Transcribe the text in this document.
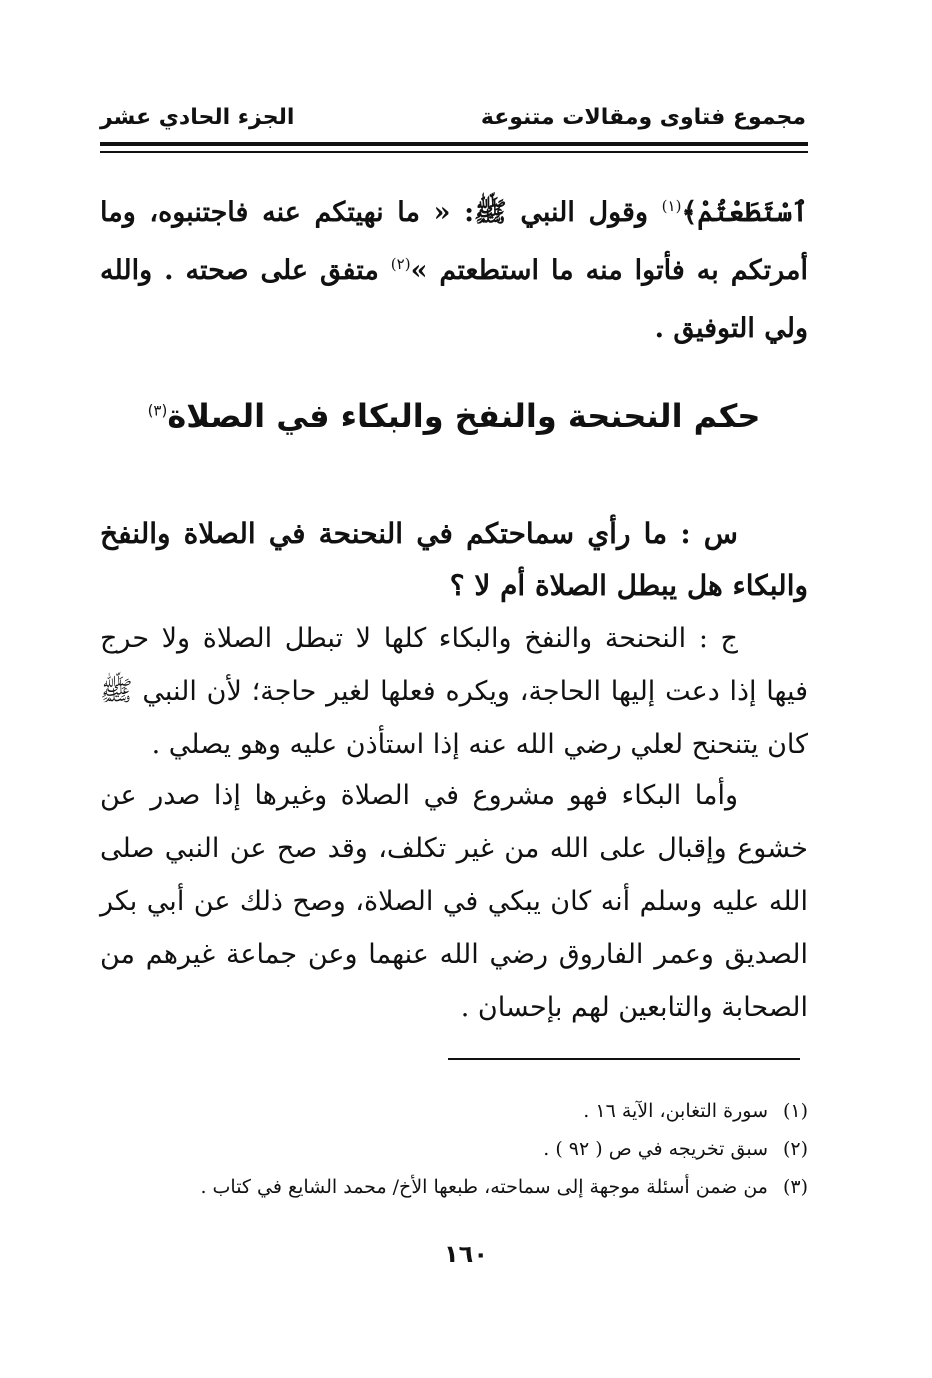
مجموع فتاوى ومقالات متنوعة
الجزء الحادي عشر
ٱسْتَطَعْتُمْ﴾$^{(١)}$ وقول النبي ﷺ: « ما نهيتكم عنه فاجتنبوه، وما أمرتكم به فأتوا منه ما استطعتم »$^{(٢)}$ متفق على صحته . والله ولي التوفيق .
حكم النحنحة والنفخ والبكاء في الصلاة$^{(٣)}$
س : ما رأي سماحتكم في النحنحة في الصلاة والنفخ والبكاء هل يبطل الصلاة أم لا ؟
ج : النحنحة والنفخ والبكاء كلها لا تبطل الصلاة ولا حرج فيها إذا دعت إليها الحاجة، ويكره فعلها لغير حاجة؛ لأن النبي ﷺ كان يتنحنح لعلي رضي الله عنه إذا استأذن عليه وهو يصلي .
وأما البكاء فهو مشروع في الصلاة وغيرها إذا صدر عن خشوع وإقبال على الله من غير تكلف، وقد صح عن النبي صلى الله عليه وسلم أنه كان يبكي في الصلاة، وصح ذلك عن أبي بكر الصديق وعمر الفاروق رضي الله عنهما وعن جماعة غيرهم من الصحابة والتابعين لهم بإحسان .
(١)سورة التغابن، الآية ١٦ .
(٢)سبق تخريجه في ص ( ٩٢ ) .
(٣)من ضمن أسئلة موجهة إلى سماحته، طبعها الأخ/ محمد الشايع في كتاب .
١٦٠
